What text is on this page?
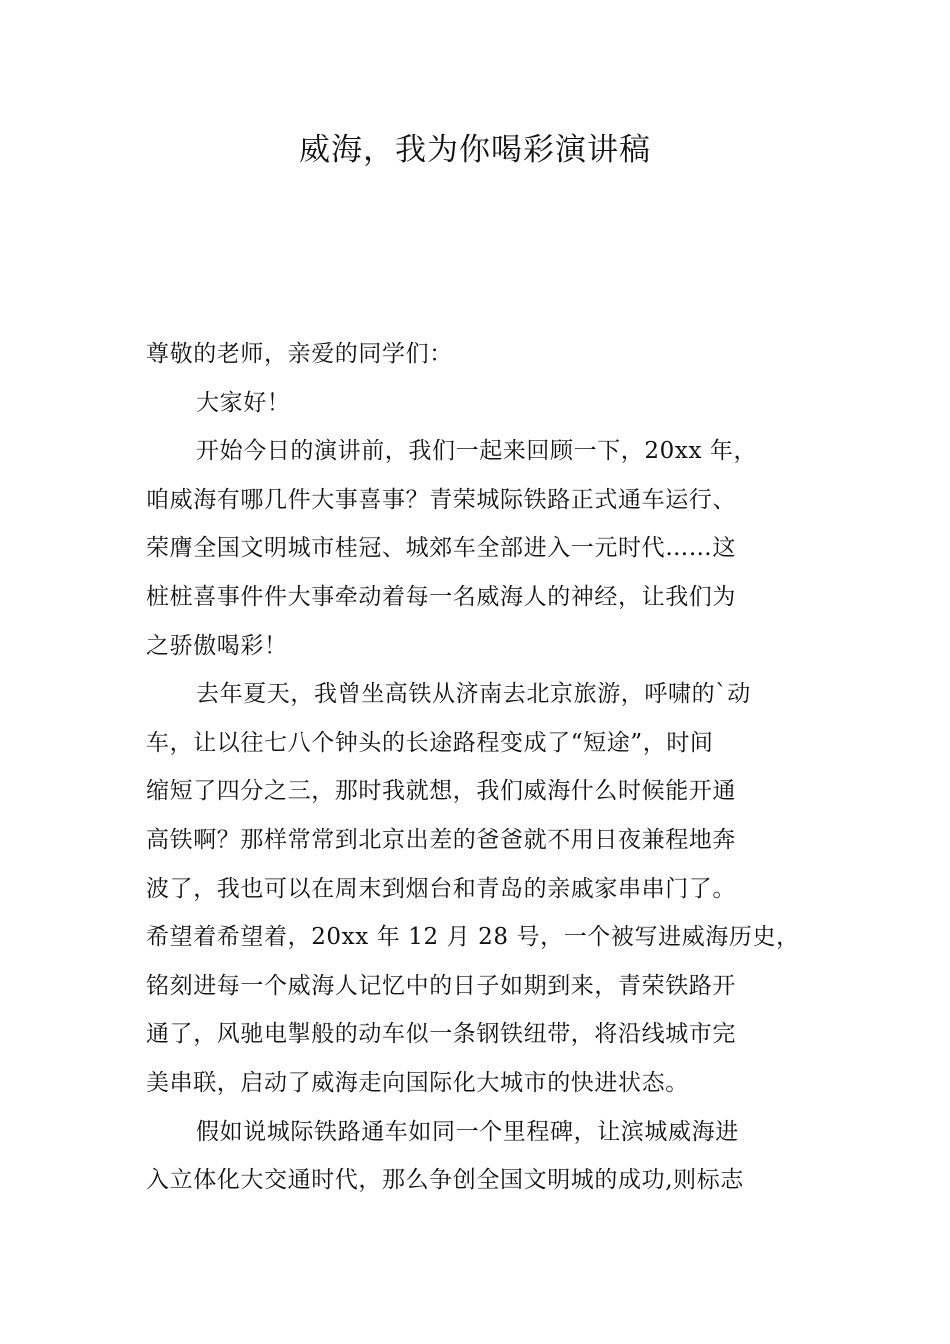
威海，我为你喝彩演讲稿
尊敬的老师，亲爱的同学们：
大家好！
开始今日的演讲前，我们一起来回顾一下，20xx 年，
咱威海有哪几件大事喜事？青荣城际铁路正式通车运行、
荣膺全国文明城市桂冠、城郊车全部进入一元时代……这
桩桩喜事件件大事牵动着每一名威海人的神经，让我们为
之骄傲喝彩！
去年夏天，我曾坐高铁从济南去北京旅游，呼啸的`动
车，让以往七八个钟头的长途路程变成了“短途”，时间
缩短了四分之三，那时我就想，我们威海什么时候能开通
高铁啊？那样常常到北京出差的爸爸就不用日夜兼程地奔
波了，我也可以在周末到烟台和青岛的亲戚家串串门了。
希望着希望着，20xx 年 12 月 28 号，一个被写进威海历史，
铭刻进每一个威海人记忆中的日子如期到来，青荣铁路开
通了，风驰电掣般的动车似一条钢铁纽带，将沿线城市完
美串联，启动了威海走向国际化大城市的快进状态。
假如说城际铁路通车如同一个里程碑，让滨城威海进
入立体化大交通时代，那么争创全国文明城的成功,则标志
